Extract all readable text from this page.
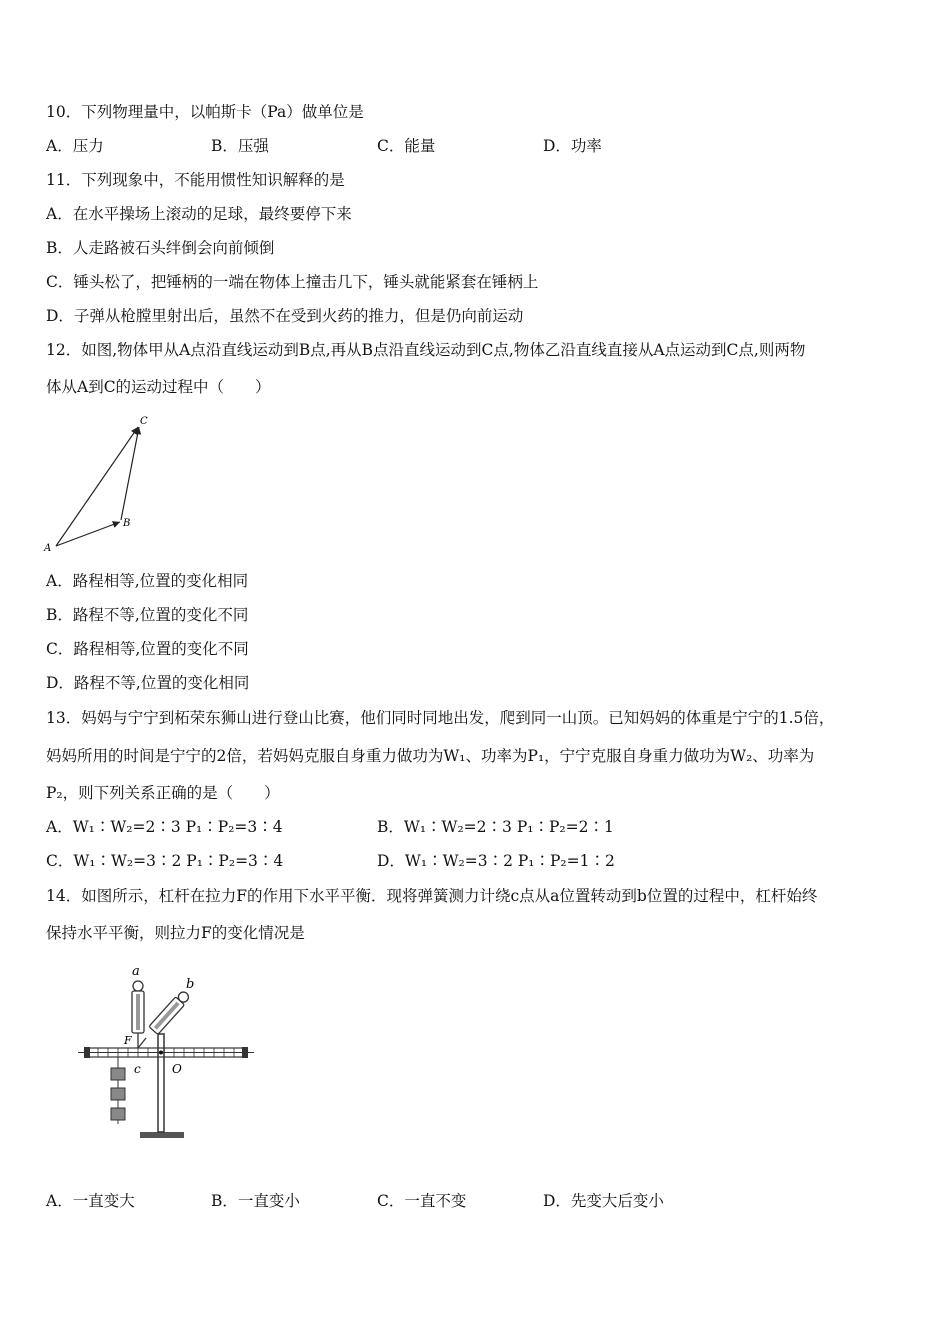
10．下列物理量中，以帕斯卡（Pa）做单位是
A．压力	B．压强	C．能量	D．功率
11．下列现象中，不能用惯性知识解释的是
A．在水平操场上滚动的足球，最终要停下来
B．人走路被石头绊倒会向前倾倒
C．锤头松了，把锤柄的一端在物体上撞击几下，锤头就能紧套在锤柄上
D．子弹从枪膛里射出后，虽然不在受到火药的推力，但是仍向前运动
12．如图,物体甲从A点沿直线运动到B点,再从B点沿直线运动到C点,物体乙沿直线直接从A点运动到C点,则两物
体从A到C的运动过程中（　　）
A
B
C
A．路程相等,位置的变化相同
B．路程不等,位置的变化不同
C．路程相等,位置的变化不同
D．路程不等,位置的变化相同
13．妈妈与宁宁到柘荣东狮山进行登山比赛，他们同时同地出发，爬到同一山顶。已知妈妈的体重是宁宁的1.5倍，
妈妈所用的时间是宁宁的2倍，若妈妈克服自身重力做功为W₁、功率为P₁，宁宁克服自身重力做功为W₂、功率为
P₂，则下列关系正确的是（　　）
A．W₁∶W₂=2∶3 P₁∶P₂=3∶4	B．W₁∶W₂=2∶3 P₁∶P₂=2∶1
C．W₁∶W₂=3∶2 P₁∶P₂=3∶4	D．W₁∶W₂=3∶2 P₁∶P₂=1∶2
14．如图所示，杠杆在拉力F的作用下水平平衡．现将弹簧测力计绕c点从a位置转动到b位置的过程中，杠杆始终
保持水平平衡，则拉力F的变化情况是
a
b
F
c	O
A．一直变大	B．一直变小	C．一直不变	D．先变大后变小
